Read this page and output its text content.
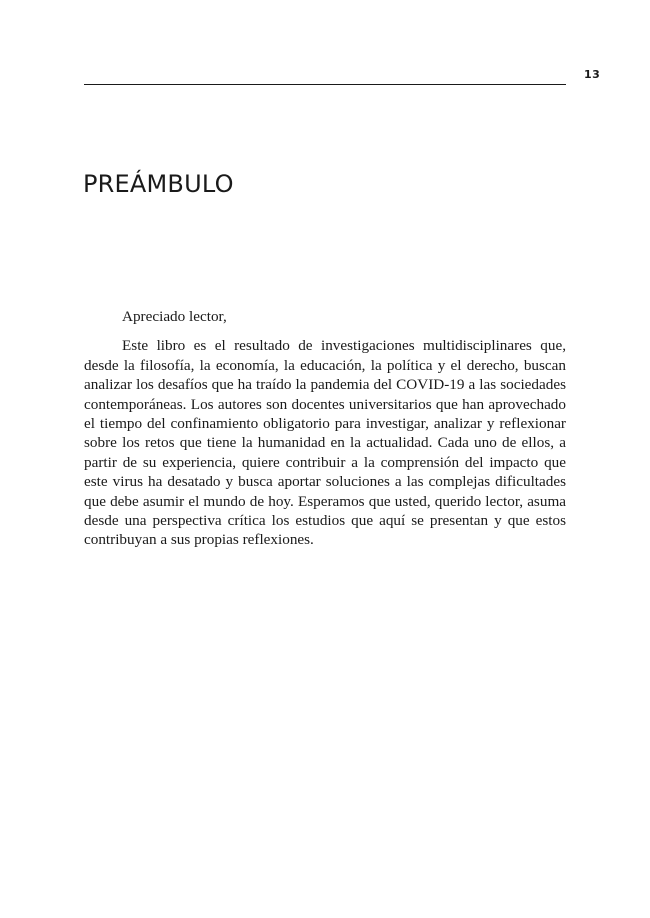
13
PREÁMBULO

Apreciado lector,

Este libro es el resultado de investigaciones multidisciplinares que, desde la filosofía, la economía, la educación, la política y el derecho, buscan analizar los desafíos que ha traído la pandemia del COVID-19 a las sociedades contemporáneas. Los autores son docentes universitarios que han aprovechado el tiempo del confinamiento obligatorio para investigar, analizar y reflexionar sobre los retos que tiene la humanidad en la actualidad. Cada uno de ellos, a partir de su experiencia, quiere contribuir a la comprensión del impacto que este virus ha desatado y busca aportar soluciones a las complejas dificultades que debe asumir el mundo de hoy. Esperamos que usted, querido lector, asuma desde una perspectiva crítica los estudios que aquí se presentan y que estos contribuyan a sus propias reflexiones.
